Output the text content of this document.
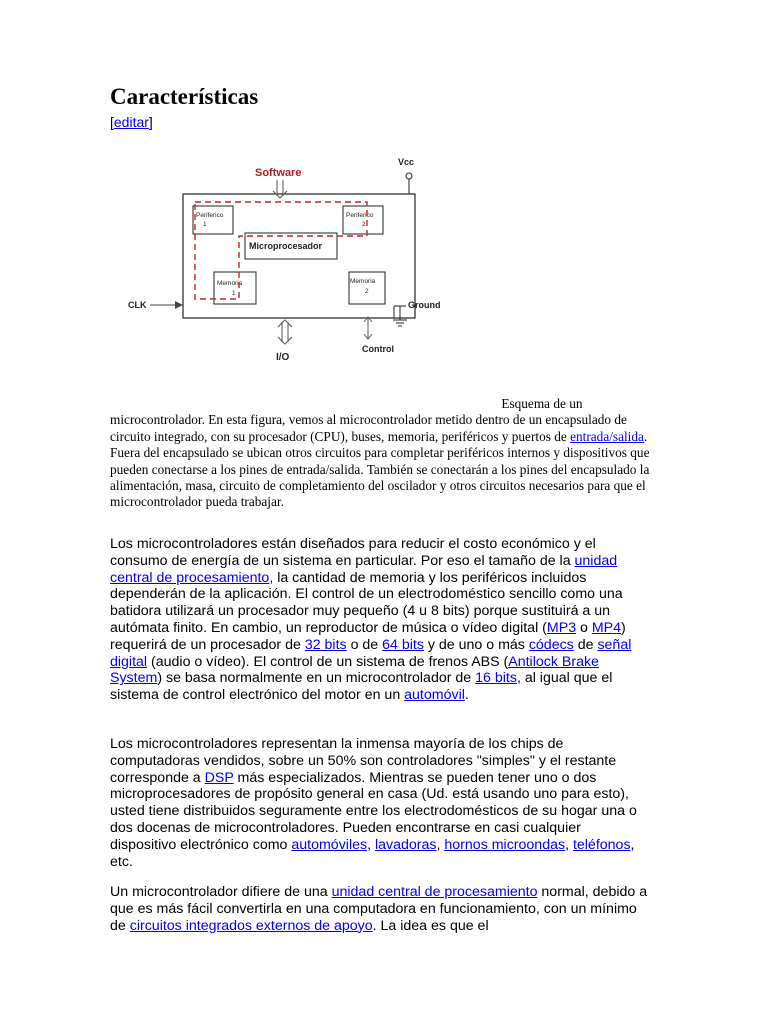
Características
[editar]
Software
Vcc
Periferico
1
Periferico
2
Microprocesador
Memoria
1
Memoria
2
CLK	Ground
I/O
Control
Esquema de un microcontrolador. En esta figura, vemos al microcontrolador metido dentro de un encapsulado de circuito integrado, con su procesador (CPU), buses, memoria, periféricos y puertos de entrada/salida. Fuera del encapsulado se ubican otros circuitos para completar periféricos internos y dispositivos que pueden conectarse a los pines de entrada/salida. También se conectarán a los pines del encapsulado la alimentación, masa, circuito de completamiento del oscilador y otros circuitos necesarios para que el microcontrolador pueda trabajar.
Los microcontroladores están diseñados para reducir el costo económico y el consumo de energía de un sistema en particular. Por eso el tamaño de la unidad central de procesamiento, la cantidad de memoria y los periféricos incluidos dependerán de la aplicación. El control de un electrodoméstico sencillo como una batidora utilizará un procesador muy pequeño (4 u 8 bits) porque sustituirá a un autómata finito. En cambio, un reproductor de música o vídeo digital (MP3 o MP4) requerirá de un procesador de 32 bits o de 64 bits y de uno o más códecs de señal digital (audio o vídeo). El control de un sistema de frenos ABS (Antilock Brake System) se basa normalmente en un microcontrolador de 16 bits, al igual que el sistema de control electrónico del motor en un automóvil.
Los microcontroladores representan la inmensa mayoría de los chips de computadoras vendidos, sobre un 50% son controladores "simples" y el restante corresponde a DSP más especializados. Mientras se pueden tener uno o dos microprocesadores de propósito general en casa (Ud. está usando uno para esto), usted tiene distribuidos seguramente entre los electrodomésticos de su hogar una o dos docenas de microcontroladores. Pueden encontrarse en casi cualquier dispositivo electrónico como automóviles, lavadoras, hornos microondas, teléfonos, etc.
Un microcontrolador difiere de una unidad central de procesamiento normal, debido a que es más fácil convertirla en una computadora en funcionamiento, con un mínimo de circuitos integrados externos de apoyo. La idea es que el
